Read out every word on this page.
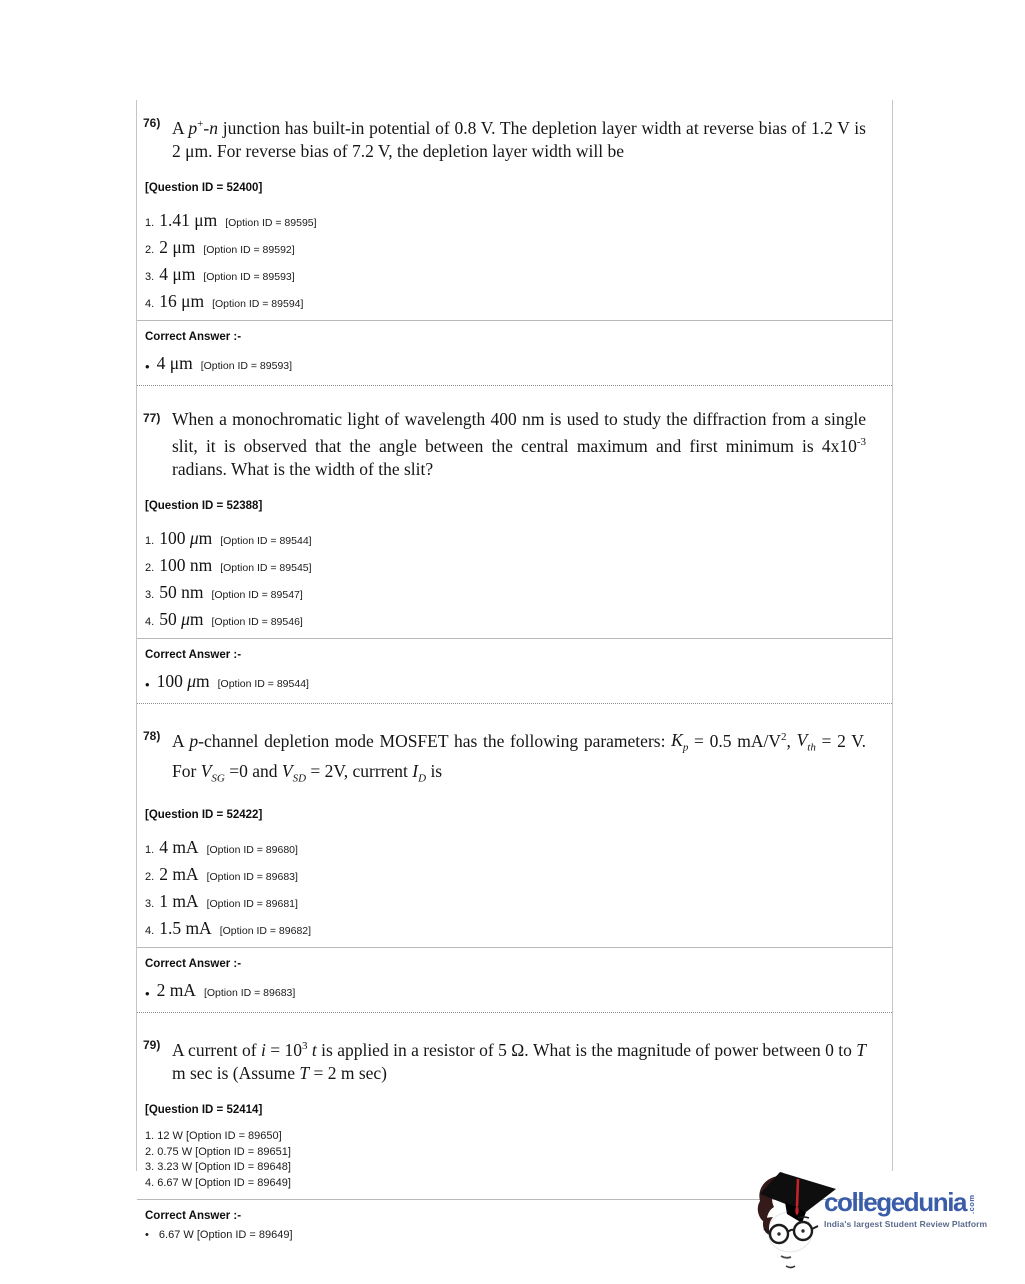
76) A p+-n junction has built-in potential of 0.8 V. The depletion layer width at reverse bias of 1.2 V is 2 μm. For reverse bias of 7.2 V, the depletion layer width will be
[Question ID = 52400]
1. 1.41 μm [Option ID = 89595]
2. 2 μm [Option ID = 89592]
3. 4 μm [Option ID = 89593]
4. 16 μm [Option ID = 89594]
Correct Answer :-
• 4 μm [Option ID = 89593]
77) When a monochromatic light of wavelength 400 nm is used to study the diffraction from a single slit, it is observed that the angle between the central maximum and first minimum is $4x10^{-3}$ radians. What is the width of the slit?
[Question ID = 52388]
1. 100 μm [Option ID = 89544]
2. 100 nm [Option ID = 89545]
3. 50 nm [Option ID = 89547]
4. 50 μm [Option ID = 89546]
Correct Answer :-
• 100 μm [Option ID = 89544]
78) A p-channel depletion mode MOSFET has the following parameters: $K_p = 0.5$ $mA/V^2$, $V_{th} = 2$ V. For $V_{SG} =0$ and $V_{SD} = 2V$, currrent $I_D$ is
[Question ID = 52422]
1. 4 mA [Option ID = 89680]
2. 2 mA [Option ID = 89683]
3. 1 mA [Option ID = 89681]
4. 1.5 mA [Option ID = 89682]
Correct Answer :-
• 2 mA [Option ID = 89683]
79) A current of $i = 10^3$ t is applied in a resistor of 5 Ω. What is the magnitude of power between 0 to T m sec is (Assume T = 2 m sec)
[Question ID = 52414]
1. 12 W [Option ID = 89650]
2. 0.75 W [Option ID = 89651]
3. 3.23 W [Option ID = 89648]
4. 6.67 W [Option ID = 89649]
Correct Answer :-
• 6.67 W [Option ID = 89649]
collegedunia .com
India's largest Student Review Platform
